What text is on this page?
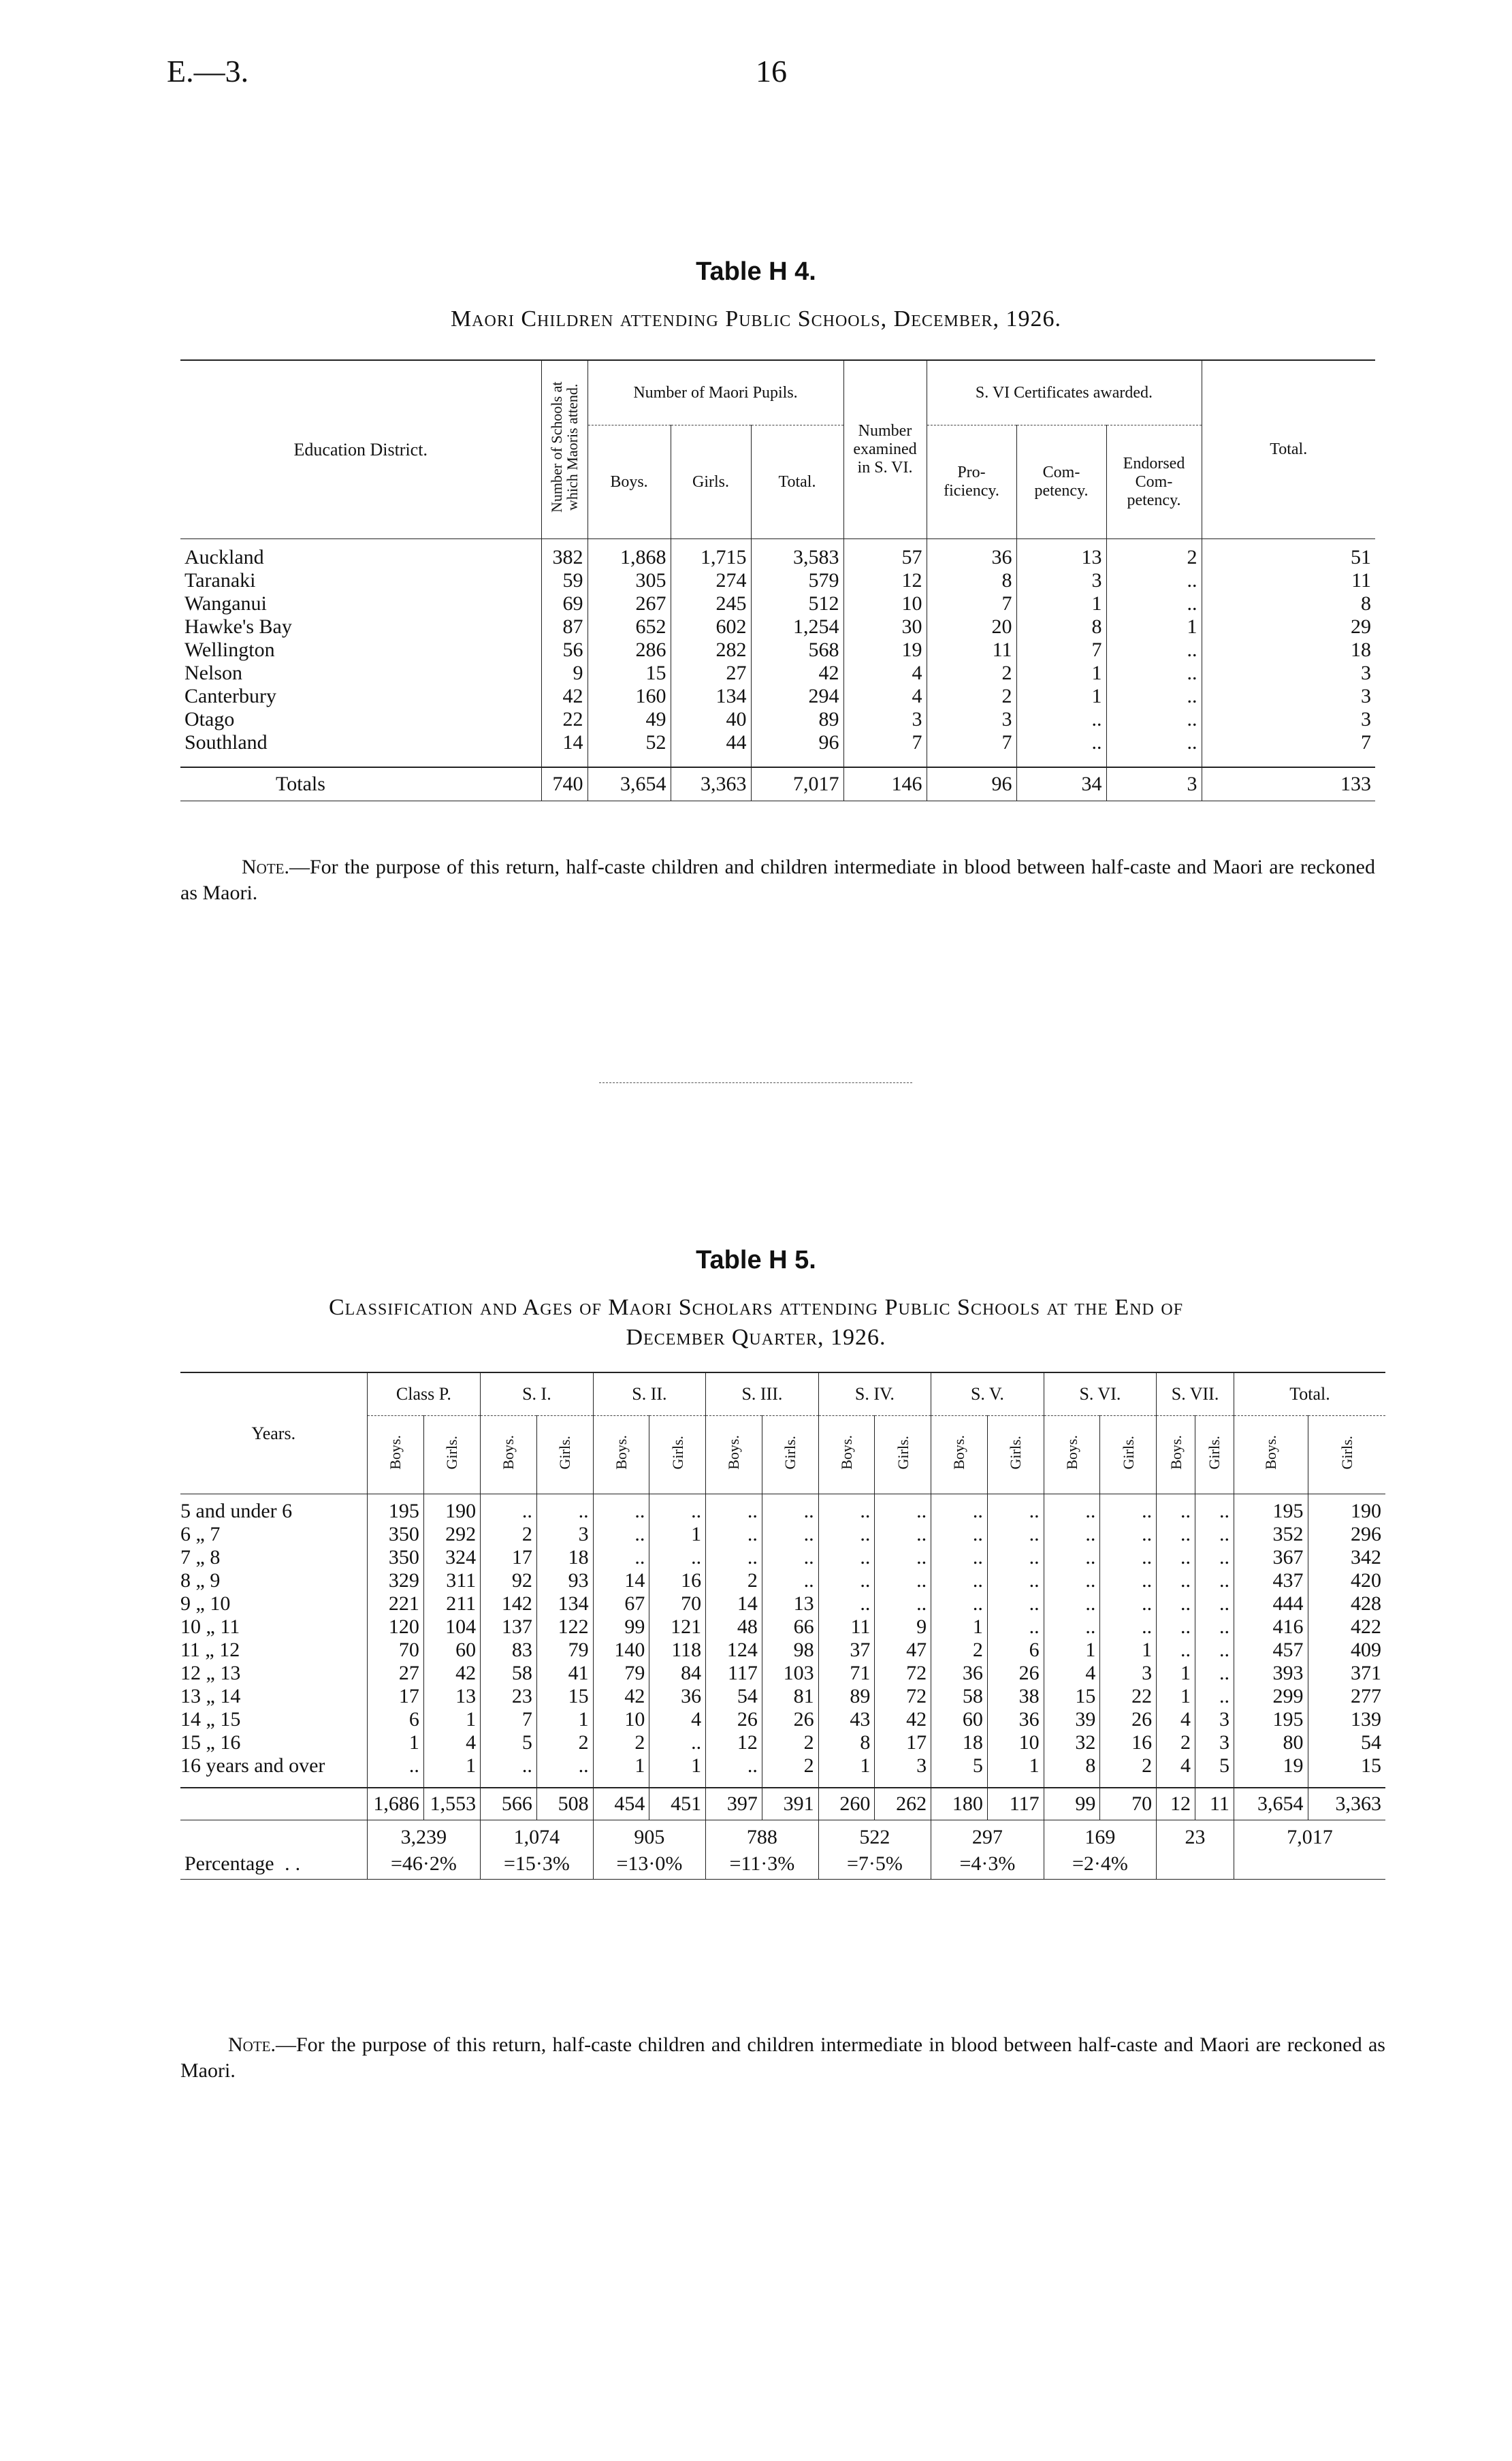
E.—3.	16
Table H 4.
Maori Children attending Public Schools, December, 1926.
Education District.	Number of Schools at which Maoris attend.	Number of Maori Pupils.			Number examined in S. VI.	S. VI Certificates awarded.			Total.
		Boys.	Girls.	Total.		Pro- ficiency.	Com- petency.	Endorsed Com- petency.	
Auckland	382	1,868	1,715	3,583	57	36	13	2	51
Taranaki	59	305	274	579	12	8	3	..	11
Wanganui	69	267	245	512	10	7	1	..	8
Hawke's Bay	87	652	602	1,254	30	20	8	1	29
Wellington	56	286	282	568	19	11	7	..	18
Nelson	9	15	27	42	4	2	1	..	3
Canterbury	42	160	134	294	4	2	1	..	3
Otago	22	49	40	89	3	3	..	..	3
Southland	14	52	44	96	7	7	..	..	7

Totals	740	3,654	3,363	7,017	146	96	34	3	133
Note.—For the purpose of this return, half-caste children and children intermediate in blood between half-caste and Maori are reckoned as Maori.
Table H 5.
Classification and Ages of Maori Scholars attending Public Schools at the End of
December Quarter, 1926.
Years.	Class P.		S. I.		S. II.		S. III.		S. IV.		S. V.		S. VI.		S. VII.		Total.	
	Boys.	Girls.	Boys.	Girls.	Boys.	Girls.	Boys.	Girls.	Boys.	Girls.	Boys.	Girls.	Boys.	Girls.	Boys.	Girls.	Boys.	Girls.
5 and under 6	195	190	..	..	..	..	..	..	..	..	..	..	..	..	..	..	195	190
6 „ 7	350	292	2	3	..	1	..	..	..	..	..	..	..	..	..	..	352	296
7 „ 8	350	324	17	18	..	..	..	..	..	..	..	..	..	..	..	..	367	342
8 „ 9	329	311	92	93	14	16	2	..	..	..	..	..	..	..	..	..	437	420
9 „ 10	221	211	142	134	67	70	14	13	..	..	..	..	..	..	..	..	444	428
10 „ 11	120	104	137	122	99	121	48	66	11	9	1	..	..	..	..	..	416	422
11 „ 12	70	60	83	79	140	118	124	98	37	47	2	6	1	1	..	..	457	409
12 „ 13	27	42	58	41	79	84	117	103	71	72	36	26	4	3	1	..	393	371
13 „ 14	17	13	23	15	42	36	54	81	89	72	58	38	15	22	1	..	299	277
14 „ 15	6	1	7	1	10	4	26	26	43	42	60	36	39	26	4	3	195	139
15 „ 16	1	4	5	2	2	..	12	2	8	17	18	10	32	16	2	3	80	54
16 years and over	..	1	..	..	1	1	..	2	1	3	5	1	8	2	4	5	19	15

	1,686	1,553	566	508	454	451	397	391	260	262	180	117	99	70	12	11	3,654	3,363
	3,239		1,074		905		788		522		297		169		23		7,017	
Percentage ..	=46·2%		=15·3%		=13·0%		=11·3%		=7·5%		=4·3%		=2·4%					
Note.—For the purpose of this return, half-caste children and children intermediate in blood between half-caste and Maori are reckoned as Maori.
